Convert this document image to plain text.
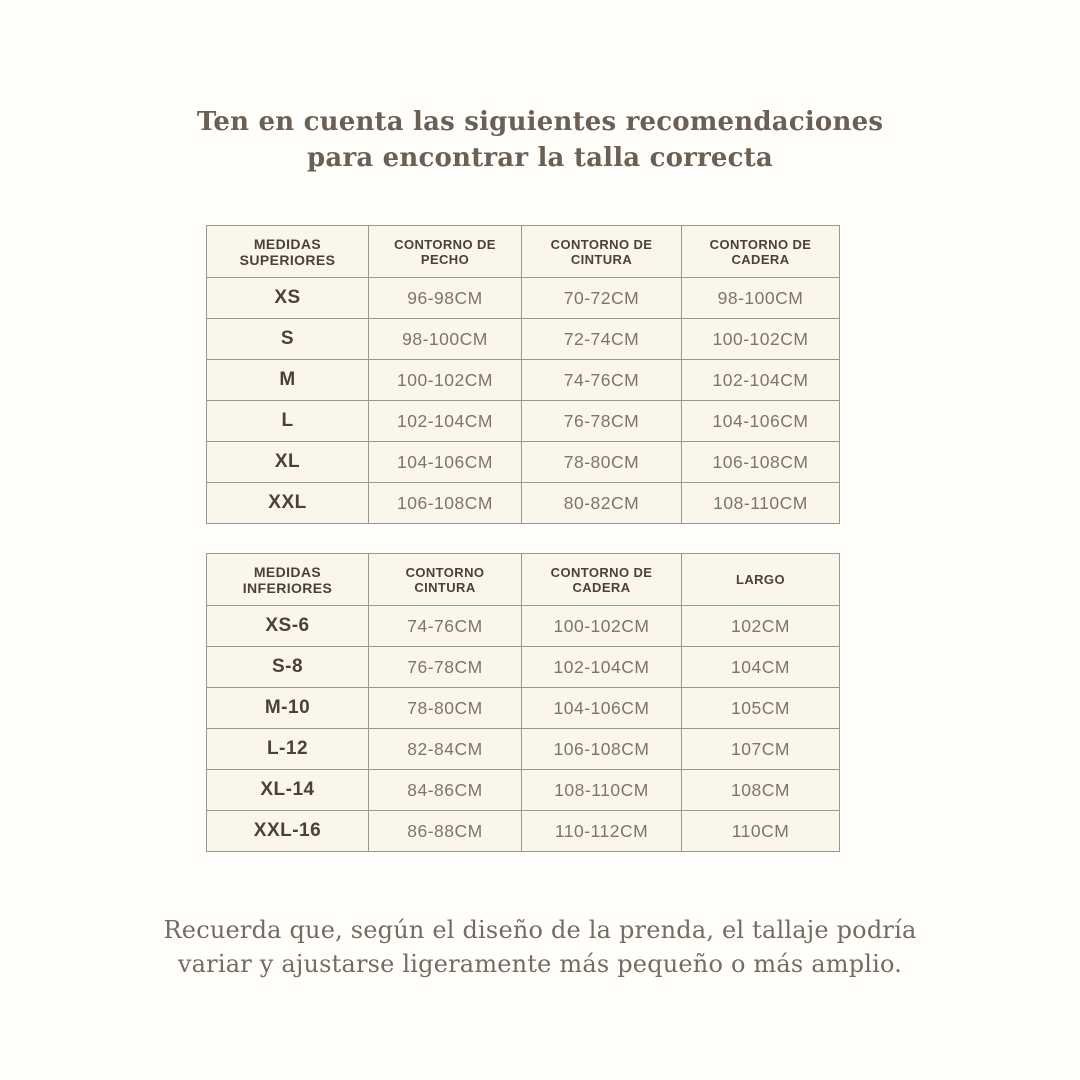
Ten en cuenta las siguientes recomendaciones
para encontrar la talla correcta
MEDIDAS SUPERIORES	CONTORNO DE PECHO	CONTORNO DE CINTURA	CONTORNO DE CADERA
XS	96-98CM	70-72CM	98-100CM
S	98-100CM	72-74CM	100-102CM
M	100-102CM	74-76CM	102-104CM
L	102-104CM	76-78CM	104-106CM
XL	104-106CM	78-80CM	106-108CM
XXL	106-108CM	80-82CM	108-110CM
MEDIDAS INFERIORES	CONTORNO CINTURA	CONTORNO DE CADERA	LARGO
XS-6	74-76CM	100-102CM	102CM
S-8	76-78CM	102-104CM	104CM
M-10	78-80CM	104-106CM	105CM
L-12	82-84CM	106-108CM	107CM
XL-14	84-86CM	108-110CM	108CM
XXL-16	86-88CM	110-112CM	110CM
Recuerda que, según el diseño de la prenda, el tallaje podría
variar y ajustarse ligeramente más pequeño o más amplio.
